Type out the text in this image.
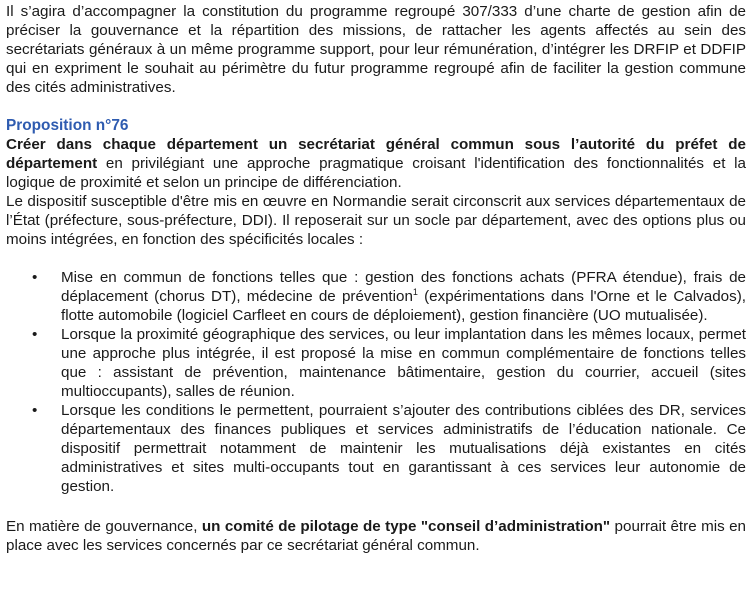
Il s’agira d’accompagner la constitution du programme regroupé 307/333 d’une charte de gestion afin de préciser la gouvernance et la répartition des missions, de rattacher les agents affectés au sein des secrétariats généraux à un même programme support, pour leur rémunération, d’intégrer les DRFIP et DDFIP qui en expriment le souhait au périmètre du futur programme regroupé afin de faciliter la gestion commune des cités administratives.

Proposition n°76

Créer dans chaque département un secrétariat général commun sous l’autorité du préfet de département en privilégiant une approche pragmatique croisant l'identification des fonctionnalités et la logique de proximité et selon un principe de différenciation.

Le dispositif susceptible d'être mis en œuvre en Normandie serait circonscrit aux services départementaux de l’État (préfecture, sous-préfecture, DDI). Il reposerait sur un socle par département, avec des options plus ou moins intégrées, en fonction des spécificités locales :

• Mise en commun de fonctions telles que : gestion des fonctions achats (PFRA étendue), frais de déplacement (chorus DT), médecine de prévention$^1$ (expérimentations dans l'Orne et le Calvados), flotte automobile (logiciel Carfleet en cours de déploiement), gestion financière (UO mutualisée).
• Lorsque la proximité géographique des services, ou leur implantation dans les mêmes locaux, permet une approche plus intégrée, il est proposé la mise en commun complémentaire de fonctions telles que : assistant de prévention, maintenance bâtimentaire, gestion du courrier, accueil (sites multioccupants), salles de réunion.
• Lorsque les conditions le permettent, pourraient s’ajouter des contributions ciblées des DR, services départementaux des finances publiques et services administratifs de l’éducation nationale. Ce dispositif permettrait notamment de maintenir les mutualisations déjà existantes en cités administratives et sites multi-occupants tout en garantissant à ces services leur autonomie de gestion.

En matière de gouvernance, un comité de pilotage de type "conseil d’administration" pourrait être mis en place avec les services concernés par ce secrétariat général commun.
